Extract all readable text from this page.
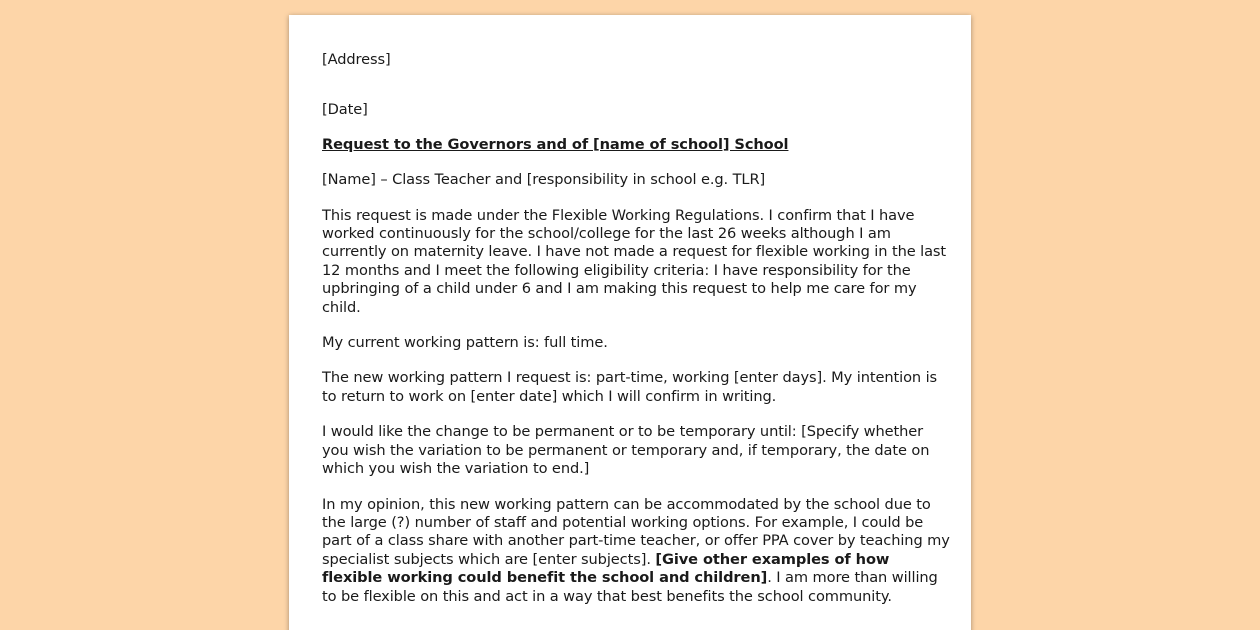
[Address]

[Date]

Request to the Governors and of [name of school] School

[Name] – Class Teacher and [responsibility in school e.g. TLR]

This request is made under the Flexible Working Regulations. I confirm that I have worked continuously for the school/college for the last 26 weeks although I am currently on maternity leave. I have not made a request for flexible working in the last 12 months and I meet the following eligibility criteria: I have responsibility for the upbringing of a child under 6 and I am making this request to help me care for my child.

My current working pattern is: full time.

The new working pattern I request is: part-time, working [enter days]. My intention is to return to work on [enter date] which I will confirm in writing.

I would like the change to be permanent or to be temporary until: [Specify whether you wish the variation to be permanent or temporary and, if temporary, the date on which you wish the variation to end.]

In my opinion, this new working pattern can be accommodated by the school due to the large (?) number of staff and potential working options. For example, I could be part of a class share with another part-time teacher, or offer PPA cover by teaching my specialist subjects which are [enter subjects]. [Give other examples of how flexible working could benefit the school and children]. I am more than willing to be flexible on this and act in a way that best benefits the school community.
